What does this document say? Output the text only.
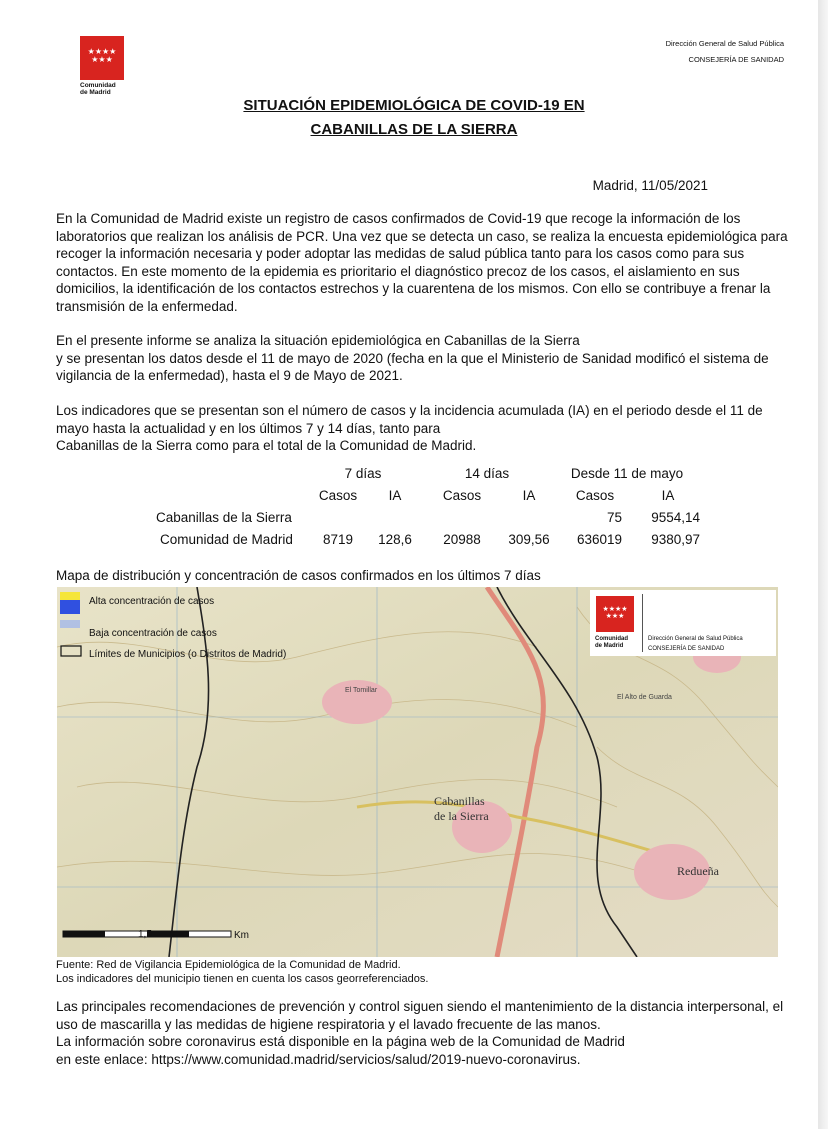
★★★★
★★★
Comunidad
de Madrid
Dirección General de Salud Pública
CONSEJERÍA DE SANIDAD
SITUACIÓN EPIDEMIOLÓGICA DE COVID-19 EN
CABANILLAS DE LA SIERRA
Madrid, 11/05/2021

En la Comunidad de Madrid existe un registro de casos confirmados de Covid-19 que recoge la información de los laboratorios que realizan los análisis de PCR. Una vez que se detecta un caso, se realiza la encuesta epidemiológica para recoger la información necesaria y poder adoptar las medidas de salud pública tanto para los casos como para sus contactos. En este momento de la epidemia es prioritario el diagnóstico precoz de los casos, el aislamiento en sus domicilios, la identificación de los contactos estrechos y la cuarentena de los mismos. Con ello se contribuye a frenar la transmisión de la enfermedad.

En el presente informe se analiza la situación epidemiológica en Cabanillas de la Sierra
y se presentan los datos desde el 11 de mayo de 2020 (fecha en la que el Ministerio de Sanidad modificó el sistema de vigilancia de la enfermedad), hasta el 9 de Mayo de 2021.
Los indicadores que se presentan son el número de casos y la incidencia acumulada (IA) en el periodo desde el 11 de mayo hasta la actualidad y en los últimos 7 y 14 días, tanto para
Cabanillas de la Sierra como para el total de la Comunidad de Madrid.
	7 días		14 días		Desde 11 de mayo	
	Casos	IA	Casos	IA	Casos	IA
Cabanillas de la Sierra					75	9554,14
Comunidad de Madrid	8719	128,6	20988	309,56	636019	9380,97
Mapa de distribución y concentración de casos confirmados en los últimos 7 días
Cabanillas
de la Sierra
Redueña
El Tomillar
El Alto de Guarda
Alta concentración de casos
Baja concentración de casos
Límites de Municipios (o Distritos de Madrid)
1,5	Km
★★★★
★★★
Comunidad
de Madrid
Dirección General de Salud Pública
CONSEJERÍA DE SANIDAD
Fuente: Red de Vigilancia Epidemiológica de la Comunidad de Madrid.
Los indicadores del municipio tienen en cuenta los casos georreferenciados.
Las principales recomendaciones de prevención y control siguen siendo el mantenimiento de la distancia interpersonal, el uso de mascarilla y las medidas de higiene respiratoria y el lavado frecuente de las manos.
La información sobre coronavirus está disponible en la página web de la Comunidad de Madrid
en este enlace: https://www.comunidad.madrid/servicios/salud/2019-nuevo-coronavirus.
